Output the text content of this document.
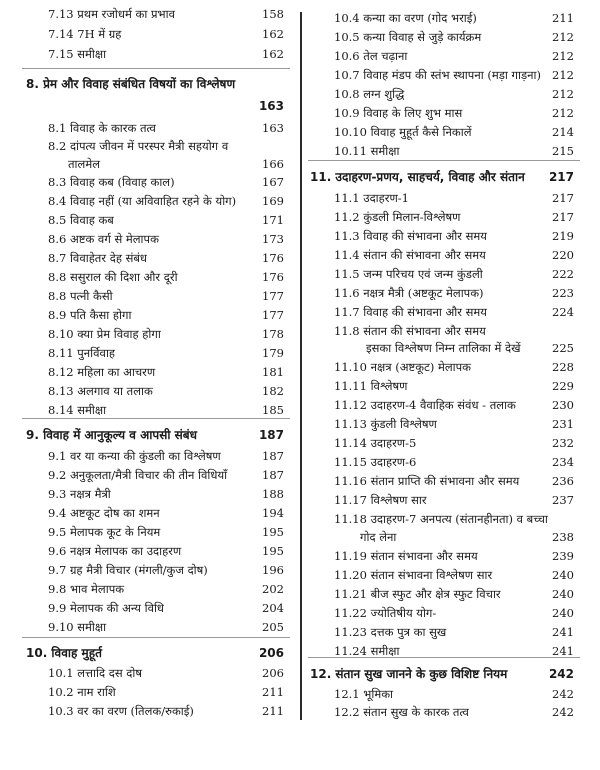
7.13 प्रथम रजोधर्म का प्रभाव	158
7.14 7H में ग्रह	162
7.15 समीक्षा	162
8. प्रेम और विवाह संबंधित विषयों का विश्लेषण
163
8.1 विवाह के कारक तत्व	163
8.2 दांपत्य जीवन में परस्पर मैत्री सहयोग व
तालमेल	166
8.3 विवाह कब (विवाह काल)	167
8.4 विवाह नहीं (या अविवाहित रहने के योग)	169
8.5 विवाह कब	171
8.6 अष्टक वर्ग से मेलापक	173
8.7 विवाहेतर देह संबंध	176
8.8 ससुराल की दिशा और दूरी	176
8.8 पत्नी कैसी	177
8.9 पति कैसा होगा	177
8.10 क्या प्रेम विवाह होगा	178
8.11 पुनर्विवाह	179
8.12 महिला का आचरण	181
8.13 अलगाव या तलाक	182
8.14 समीक्षा	185
9. विवाह में आनुकूल्य व आपसी संबंध	187
9.1 वर या कन्या की कुंडली का विश्लेषण	187
9.2 अनुकूलता/मैत्री विचार की तीन विधियाँ	187
9.3 नक्षत्र मैत्री	188
9.4 अष्टकूट दोष का शमन	194
9.5 मेलापक कूट के नियम	195
9.6 नक्षत्र मेलापक का उदाहरण	195
9.7 ग्रह मैत्री विचार (मंगली/कुज दोष)	196
9.8 भाव मेलापक	202
9.9 मेलापक की अन्य विधि	204
9.10 समीक्षा	205
10. विवाह मुहूर्त	206
10.1 लत्तादि दस दोष	206
10.2 नाम राशि	211
10.3 वर का वरण (तिलक/रुकाई)	211
10.4 कन्या का वरण (गोद भराई)	211
10.5 कन्या विवाह से जुड़े कार्यक्रम	212
10.6 तेल चढ़ाना	212
10.7 विवाह मंडप की स्तंभ स्थापना (मड़ा गाड़ना) 212
10.8 लग्न शुद्धि	212
10.9 विवाह के लिए शुभ मास	212
10.10 विवाह मुहूर्त कैसे निकालें	214
10.11 समीक्षा	215
11. उदाहरण-प्रणय, साहचर्य, विवाह और संतान	217
11.1 उदाहरण-1	217
11.2 कुंडली मिलान-विश्लेषण	217
11.3 विवाह की संभावना और समय	219
11.4 संतान की संभावना और समय	220
11.5 जन्म परिचय एवं जन्म कुंडली	222
11.6 नक्षत्र मैत्री (अष्टकूट मेलापक)	223
11.7 विवाह की संभावना और समय	224
11.8 संतान की संभावना और समय
इसका विश्लेषण निम्न तालिका में देखें	225
11.10 नक्षत्र (अष्टकूट) मेलापक	228
11.11 विश्लेषण	229
11.12 उदाहरण-4 वैवाहिक संवंध - तलाक	230
11.13 कुंडली विश्लेषण	231
11.14 उदाहरण-5	232
11.15 उदाहरण-6	234
11.16 संतान प्राप्ति की संभावना और समय	236
11.17 विश्लेषण सार	237
11.18 उदाहरण-7 अनपत्य (संतानहीनता) व बच्चा
गोद लेना	238
11.19 संतान संभावना और समय	239
11.20 संतान संभावना विश्लेषण सार	240
11.21 बीज स्फुट और क्षेत्र स्फुट विचार	240
11.22 ज्योतिषीय योग-	240
11.23 दत्तक पुत्र का सुख	241
11.24 समीक्षा	241
12. संतान सुख जानने के कुछ विशिष्ट नियम	242
12.1 भूमिका	242
12.2 संतान सुख के कारक तत्व	242
